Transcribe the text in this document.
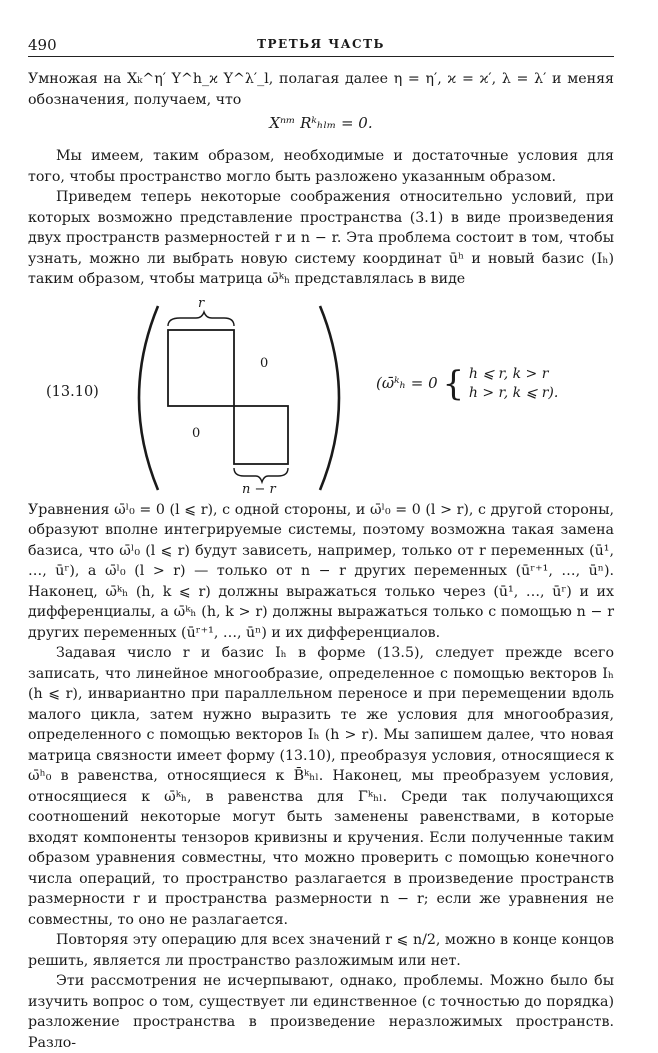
490	ТРЕТЬЯ ЧАСТЬ

Умножая на Xₖ^η′ Y^h_ϰ Y^λ′_l, полагая далее η = η′, ϰ = ϰ′, λ = λ′ и меняя обозначения, получаем, что

Xⁿᵐ Rᵏₕₗₘ = 0.

Мы имеем, таким образом, необходимые и достаточные условия для того, чтобы пространство могло быть разложено указанным образом.

Приведем теперь некоторые соображения относительно условий, при которых возможно представление пространства (3.1) в виде произведения двух пространств размерностей r и n − r. Эта проблема состоит в том, чтобы узнать, можно ли выбрать новую систему координат ūʰ и новый базис (Iₕ) таким образом, чтобы матрица ω̄ᵏₕ представлялась в виде

(13.10)
r
n − r
0
0
(ω̄ᵏₕ = 0 { h ⩽ r, k > r
h > r, k ⩽ r).

Уравнения ω̄ˡ₀ = 0 (l ⩽ r), с одной стороны, и ω̄ˡ₀ = 0 (l > r), с другой стороны, образуют вполне интегрируемые системы, поэтому возможна такая замена базиса, что ω̄ˡ₀ (l ⩽ r) будут зависеть, например, только от r переменных (ū¹, …, ūʳ), а ω̄ˡ₀ (l > r) — только от n − r других переменных (ūʳ⁺¹, …, ūⁿ). Наконец, ω̄ᵏₕ (h, k ⩽ r) должны выражаться только через (ū¹, …, ūʳ) и их дифференциалы, а ω̄ᵏₕ (h, k > r) должны выражаться только с помощью n − r других переменных (ūʳ⁺¹, …, ūⁿ) и их дифференциалов.

Задавая число r и базис Iₕ в форме (13.5), следует прежде всего записать, что линейное многообразие, определенное с помощью векторов Iₕ (h ⩽ r), инвариантно при параллельном переносе и при перемещении вдоль малого цикла, затем нужно выразить те же условия для многообразия, определенного с помощью векторов Iₕ (h > r). Мы запишем далее, что новая матрица связности имеет форму (13.10), преобразуя условия, относящиеся к ω̄ʰ₀ в равенства, относящиеся к B̄ᵏₕₗ. Наконец, мы преобразуем условия, относящиеся к ω̄ᵏₕ, в равенства для Γ̄ᵏₕₗ. Среди так получающихся соотношений некоторые могут быть заменены равенствами, в которые входят компоненты тензоров кривизны и кручения. Если полученные таким образом уравнения совместны, что можно проверить с помощью конечного числа операций, то пространство разлагается в произведение пространств размерности r и пространства размерности n − r; если же уравнения не совместны, то оно не разлагается.

Повторяя эту операцию для всех значений r ⩽ n/2, можно в конце концов решить, является ли пространство разложимым или нет.

Эти рассмотрения не исчерпывают, однако, проблемы. Можно было бы изучить вопрос о том, существует ли единственное (с точностью до порядка) разложение пространства в произведение неразложимых пространств. Разло-
